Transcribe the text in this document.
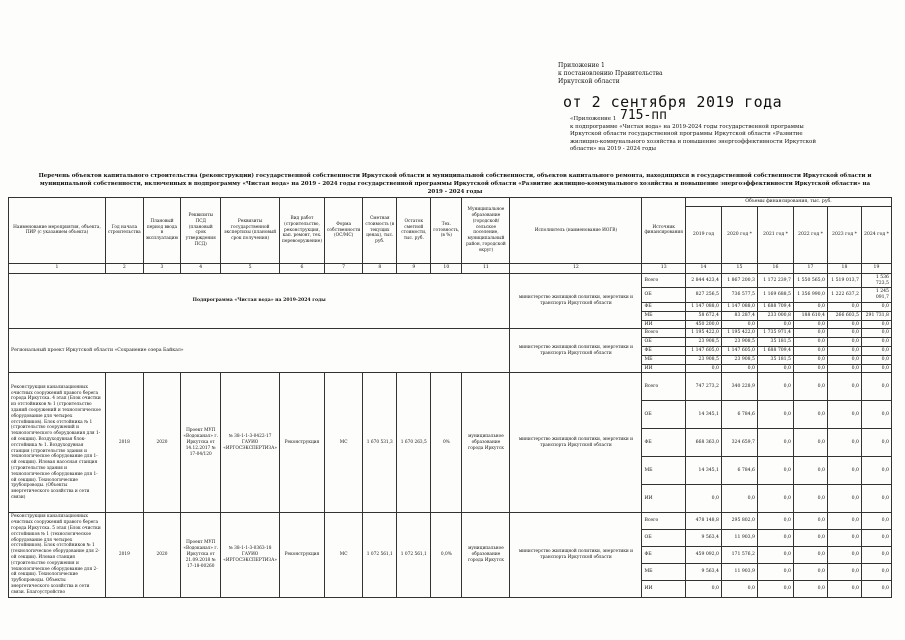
Приложение 1
к постановлению Правительства
Иркутской области
от 2 сентября 2019 года
715-пп
«Приложение 1
к подпрограмме «Чистая вода» на 2019-2024 годы государственной программы
Иркутской области государственной программы Иркутской области «Развитие
жилищно-коммунального хозяйства и повышение энергоэффективности Иркутской
области» на 2019 - 2024 годы
Перечень объектов капитального строительства (реконструкции) государственной собственности Иркутской области и муниципальной собственности, объектов капитального ремонта, находящихся в государственной собственности Иркутской области и муниципальной собственности, включенных в подпрограмму «Чистая вода» на 2019 - 2024 годы государственной программы Иркутской области «Развитие жилищно-коммунального хозяйства и повышение энергоэффективности Иркутской области» на 2019 - 2024 годы
Наименование мероприятия, объекта, ПИР (с указанием объекта)	Год начала строительства	Плановый период ввода в эксплуатацию	Реквизиты ПСД (плановый срок утверждения ПСД)	Реквизиты государственной экспертизы (плановый срок получения)	Вид работ (строительство, реконструкция, кап. ремонт, тех. перевооружение)	Форма собственности (ОС/МС)	Сметная стоимость (в текущих ценах), тыс. руб.	Остаток сметной стоимости, тыс. руб.	Тех. готовность, (в %)	Муниципальное образование (городской/сельское поселение, муниципальный район, городской округ)	Исполнитель (наименование ИОГВ)	Источник финансирования	Объемы финансирования, тыс. руб.					
													2019 год	2020 год *	2021 год *	2022 год *	2023 год *	2024 год *
1	2	3	4	5	6	7	8	9	10	11	12	13	14	15	16	17	18	19
Подпрограмма «Чистая вода» на 2019-2024 годы											министерство жилищной политики, энергетики и транспорта Иркутской области	Всего	2 844 423,4	1 867 200,3	1 172 239,7	1 550 565,0	1 519 013,7	1 536 723,5
												ОБ	827 256,5	736 577,5	1 169 688,5	1 356 990,0	1 222 637,2	1 245 091,7
												ФБ	1 147 088,0	1 147 088,0	1 688 709,4	0,0	0,0	0,0
												МБ	58 672,4	83 287,4	233 000,8	188 610,4	266 603,5	291 731,8
												ИИ	450 200,0	0,0	0,0	0,0	0,0	0,0
Региональный проект Иркутской области «Сохранение озера Байкал»											министерство жилищной политики, энергетики и транспорта Иркутской области	Всего	1 195 422,0	1 195 422,0	1 735 971,4	0,0	0,0	0,0
												ОБ	23 908,5	23 908,5	35 181,5	0,0	0,0	0,0
												ФБ	1 147 605,0	1 147 605,0	1 688 709,4	0,0	0,0	0,0
												МБ	23 908,5	23 908,5	35 181,5	0,0	0,0	0,0
												ИИ	0,0	0,0	0,0	0,0	0,0	0,0
Реконструкция канализационных очистных сооружений правого берега города Иркутска. 4 этап (Блок очистки из отстойников № 1 (строительство зданий сооружений и технологическое оборудование для четырех отстойников). Блок отстойника № 1 (строительство сооружений и технологического оборудования для 1-ой секции). Воздуходувная блок-отстойника № 1. Воздуходувная станция (строительство здания и технологическое оборудование для 1-ой секции). Иловая насосная станция (строительство здания и технологическое оборудование для 1-ой секции). Технологические трубопроводы. (Объекты энергетического хозяйства и сети связи)	2018	2020	Проект МУП «Водоканал» г. Иркутска от 14.12.2017 № 17-04/120	№ 38-1-1-3-0422-17 ГАУИО «ИРГОСЭКСПЕРТИЗА»	Реконструкция	МС	1 670 531,3	1 670 263,5	0%	муниципальное образование города Иркутск	министерство жилищной политики, энергетики и транспорта Иркутской области	Всего	747 273,2	340 228,9	0,0	0,0	0,0	0,0
												ОБ	14 345,1	6 784,6	0,0	0,0	0,0	0,0
												ФБ	668 363,0	324 659,7	0,0	0,0	0,0	0,0
												МБ	14 345,1	6 784,6	0,0	0,0	0,0	0,0
												ИИ	0,0	0,0	0,0	0,0	0,0	0,0
Реконструкция канализационных очистных сооружений правого берега города Иркутска. 5 этап (Блок очистки отстойников № 1 (технологическое оборудование для четырех отстойников). Блок отстойников № 1 (технологическое оборудование для 2-ой секции). Иловая станция (строительство сооружения и технологическое оборудование для 2-ой секции). Технологические трубопроводы. Объекты энергетического хозяйства и сети связи. Благоустройство	2019	2020	Проект МУП «Водоканал» г. Иркутска от 21.09.2018 № 17-18-00260	№ 38-1-1-3-0363-18 ГАУИО «ИРГОСЭКСПЕРТИЗА»	Реконструкция	МС	1 072 561,1	1 072 561,1	0,0%	муниципальное образование города Иркутск	министерство жилищной политики, энергетики и транспорта Иркутской области	Всего	478 148,8	295 802,0	0,0	0,0	0,0	0,0
												ОБ	9 563,4	11 903,9	0,0	0,0	0,0	0,0
												ФБ	459 092,0	171 576,2	0,0	0,0	0,0	0,0
												МБ	9 563,4	11 903,9	0,0	0,0	0,0	0,0
												ИИ	0,0	0,0	0,0	0,0	0,0	0,0
